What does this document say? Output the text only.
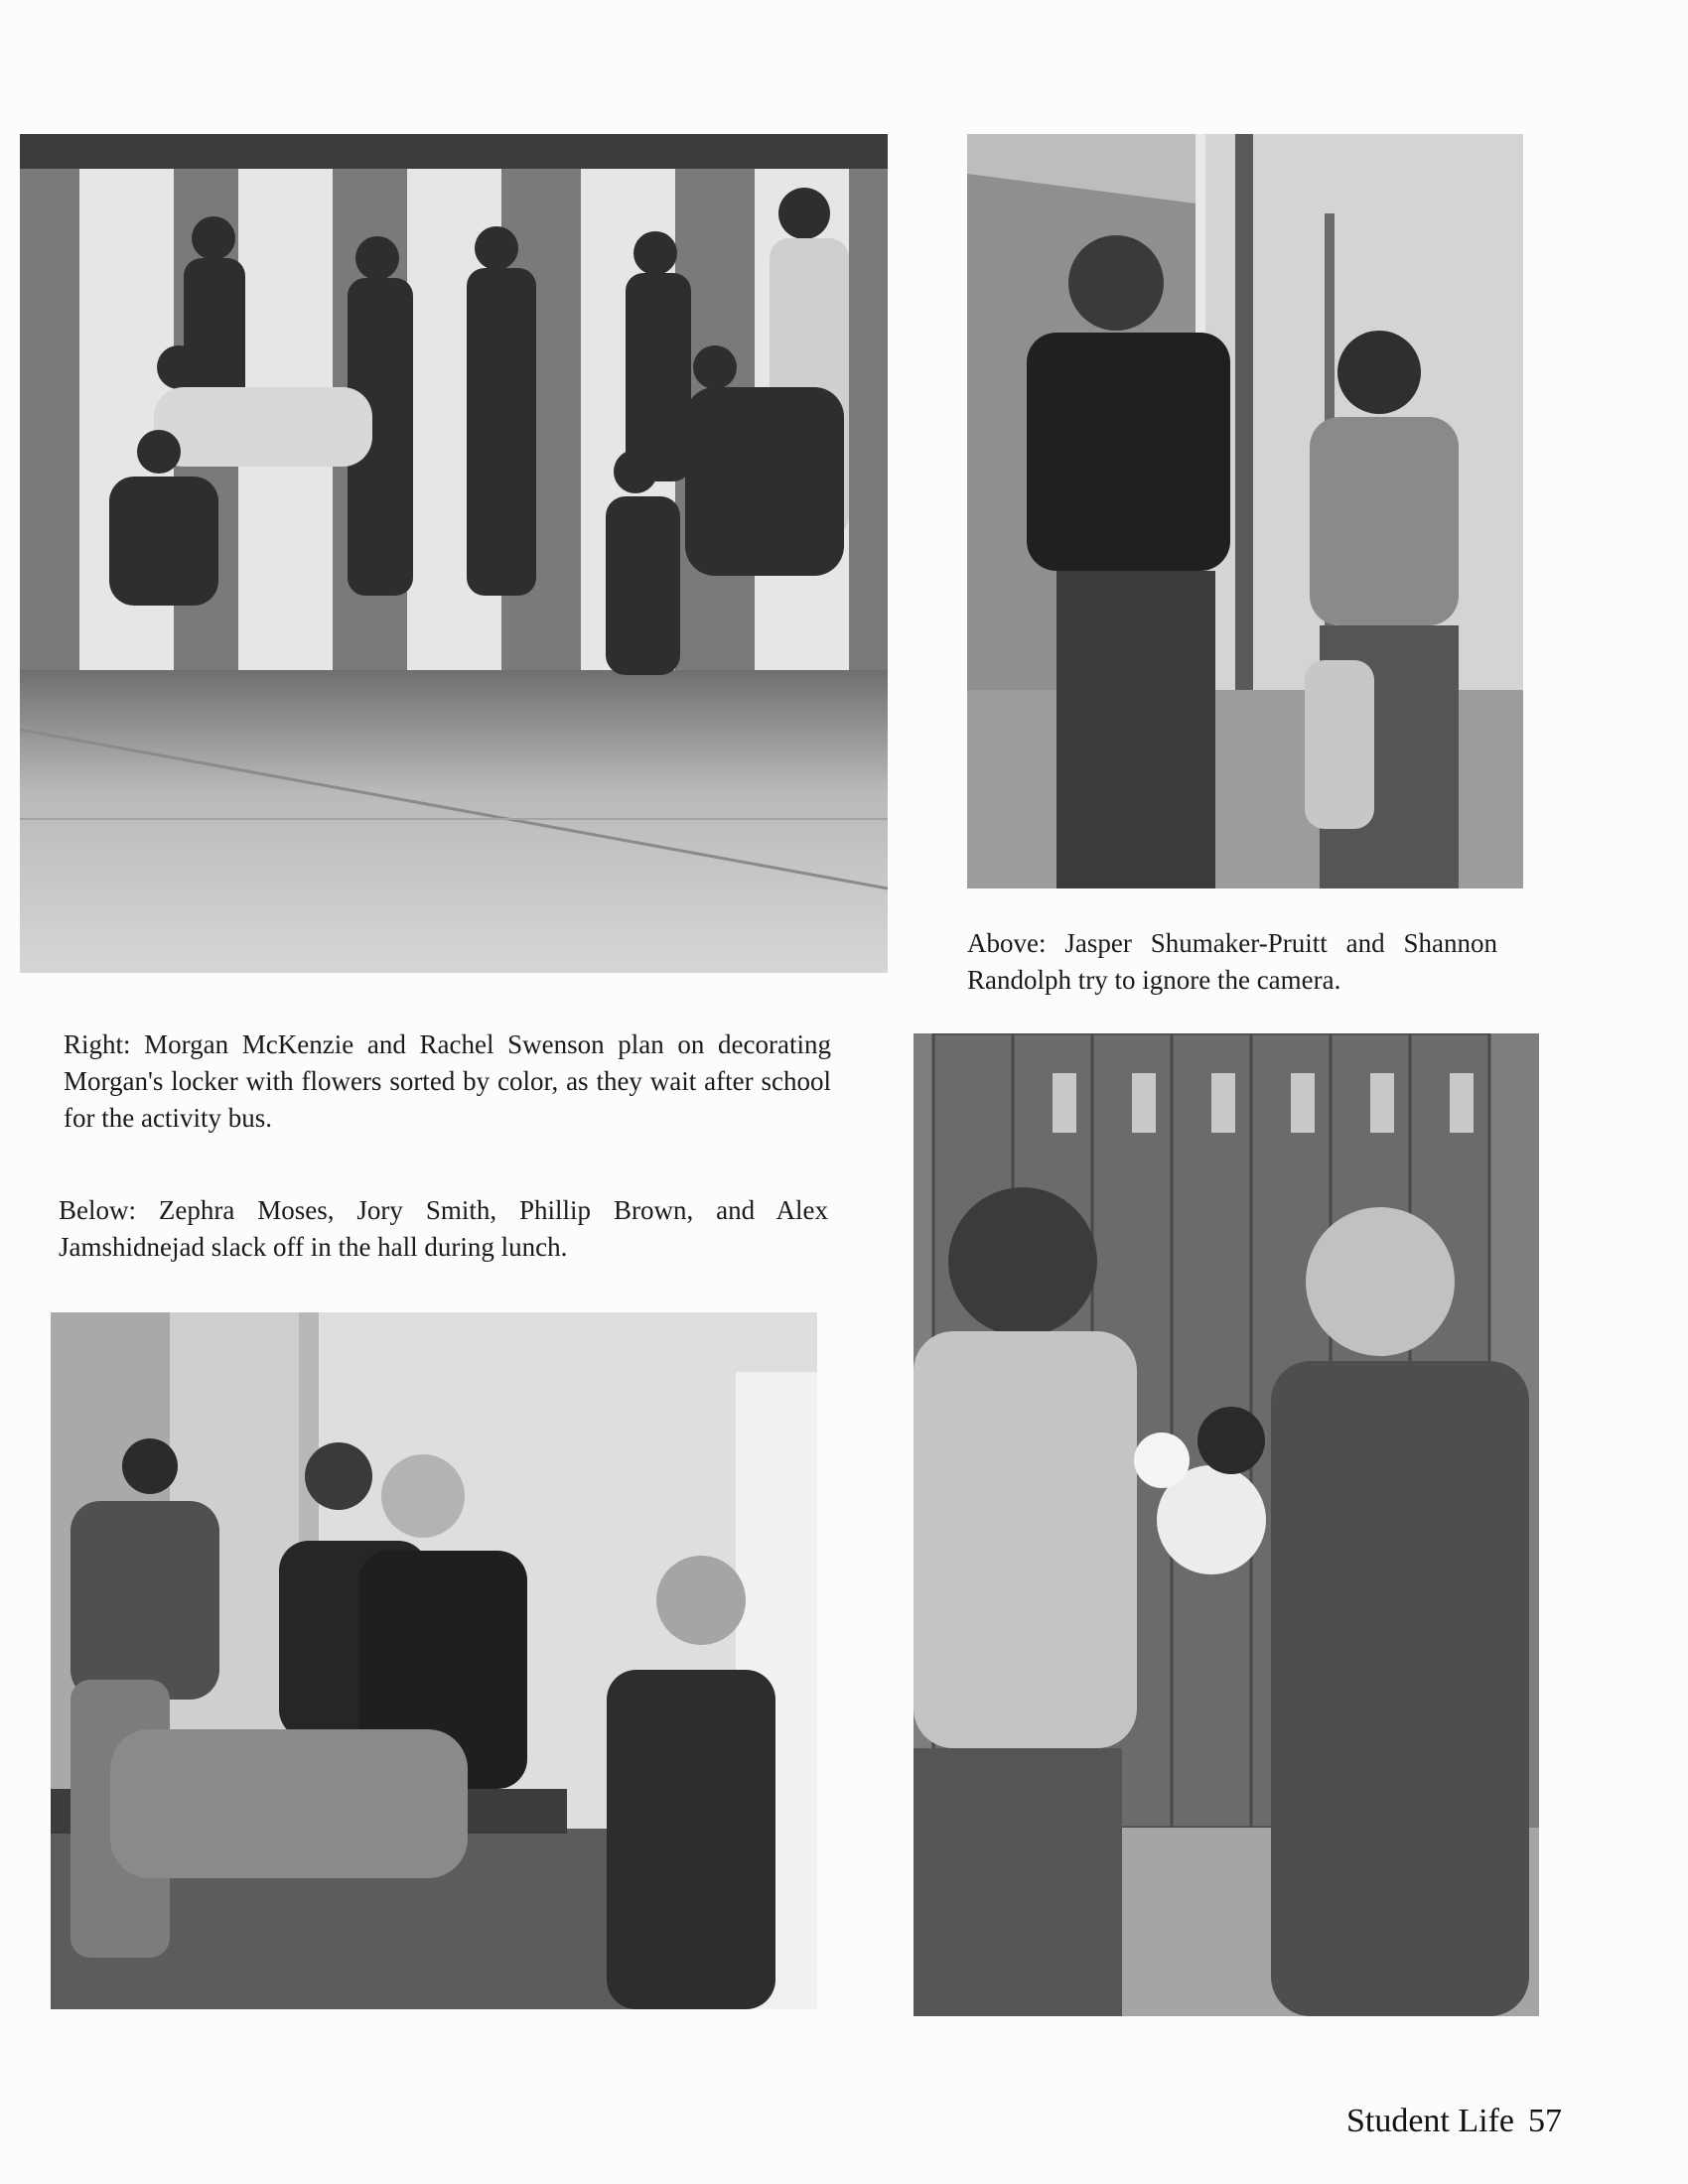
Above: Jasper Shumaker-Pruitt and Shannon Randolph try to ignore the camera.
Right: Morgan McKenzie and Rachel Swenson plan on decorating Morgan's locker with flowers sorted by color, as they wait after school for the activity bus.
Below: Zephra Moses, Jory Smith, Phillip Brown, and Alex Jamshidnejad slack off in the hall during lunch.
Student Life 57
